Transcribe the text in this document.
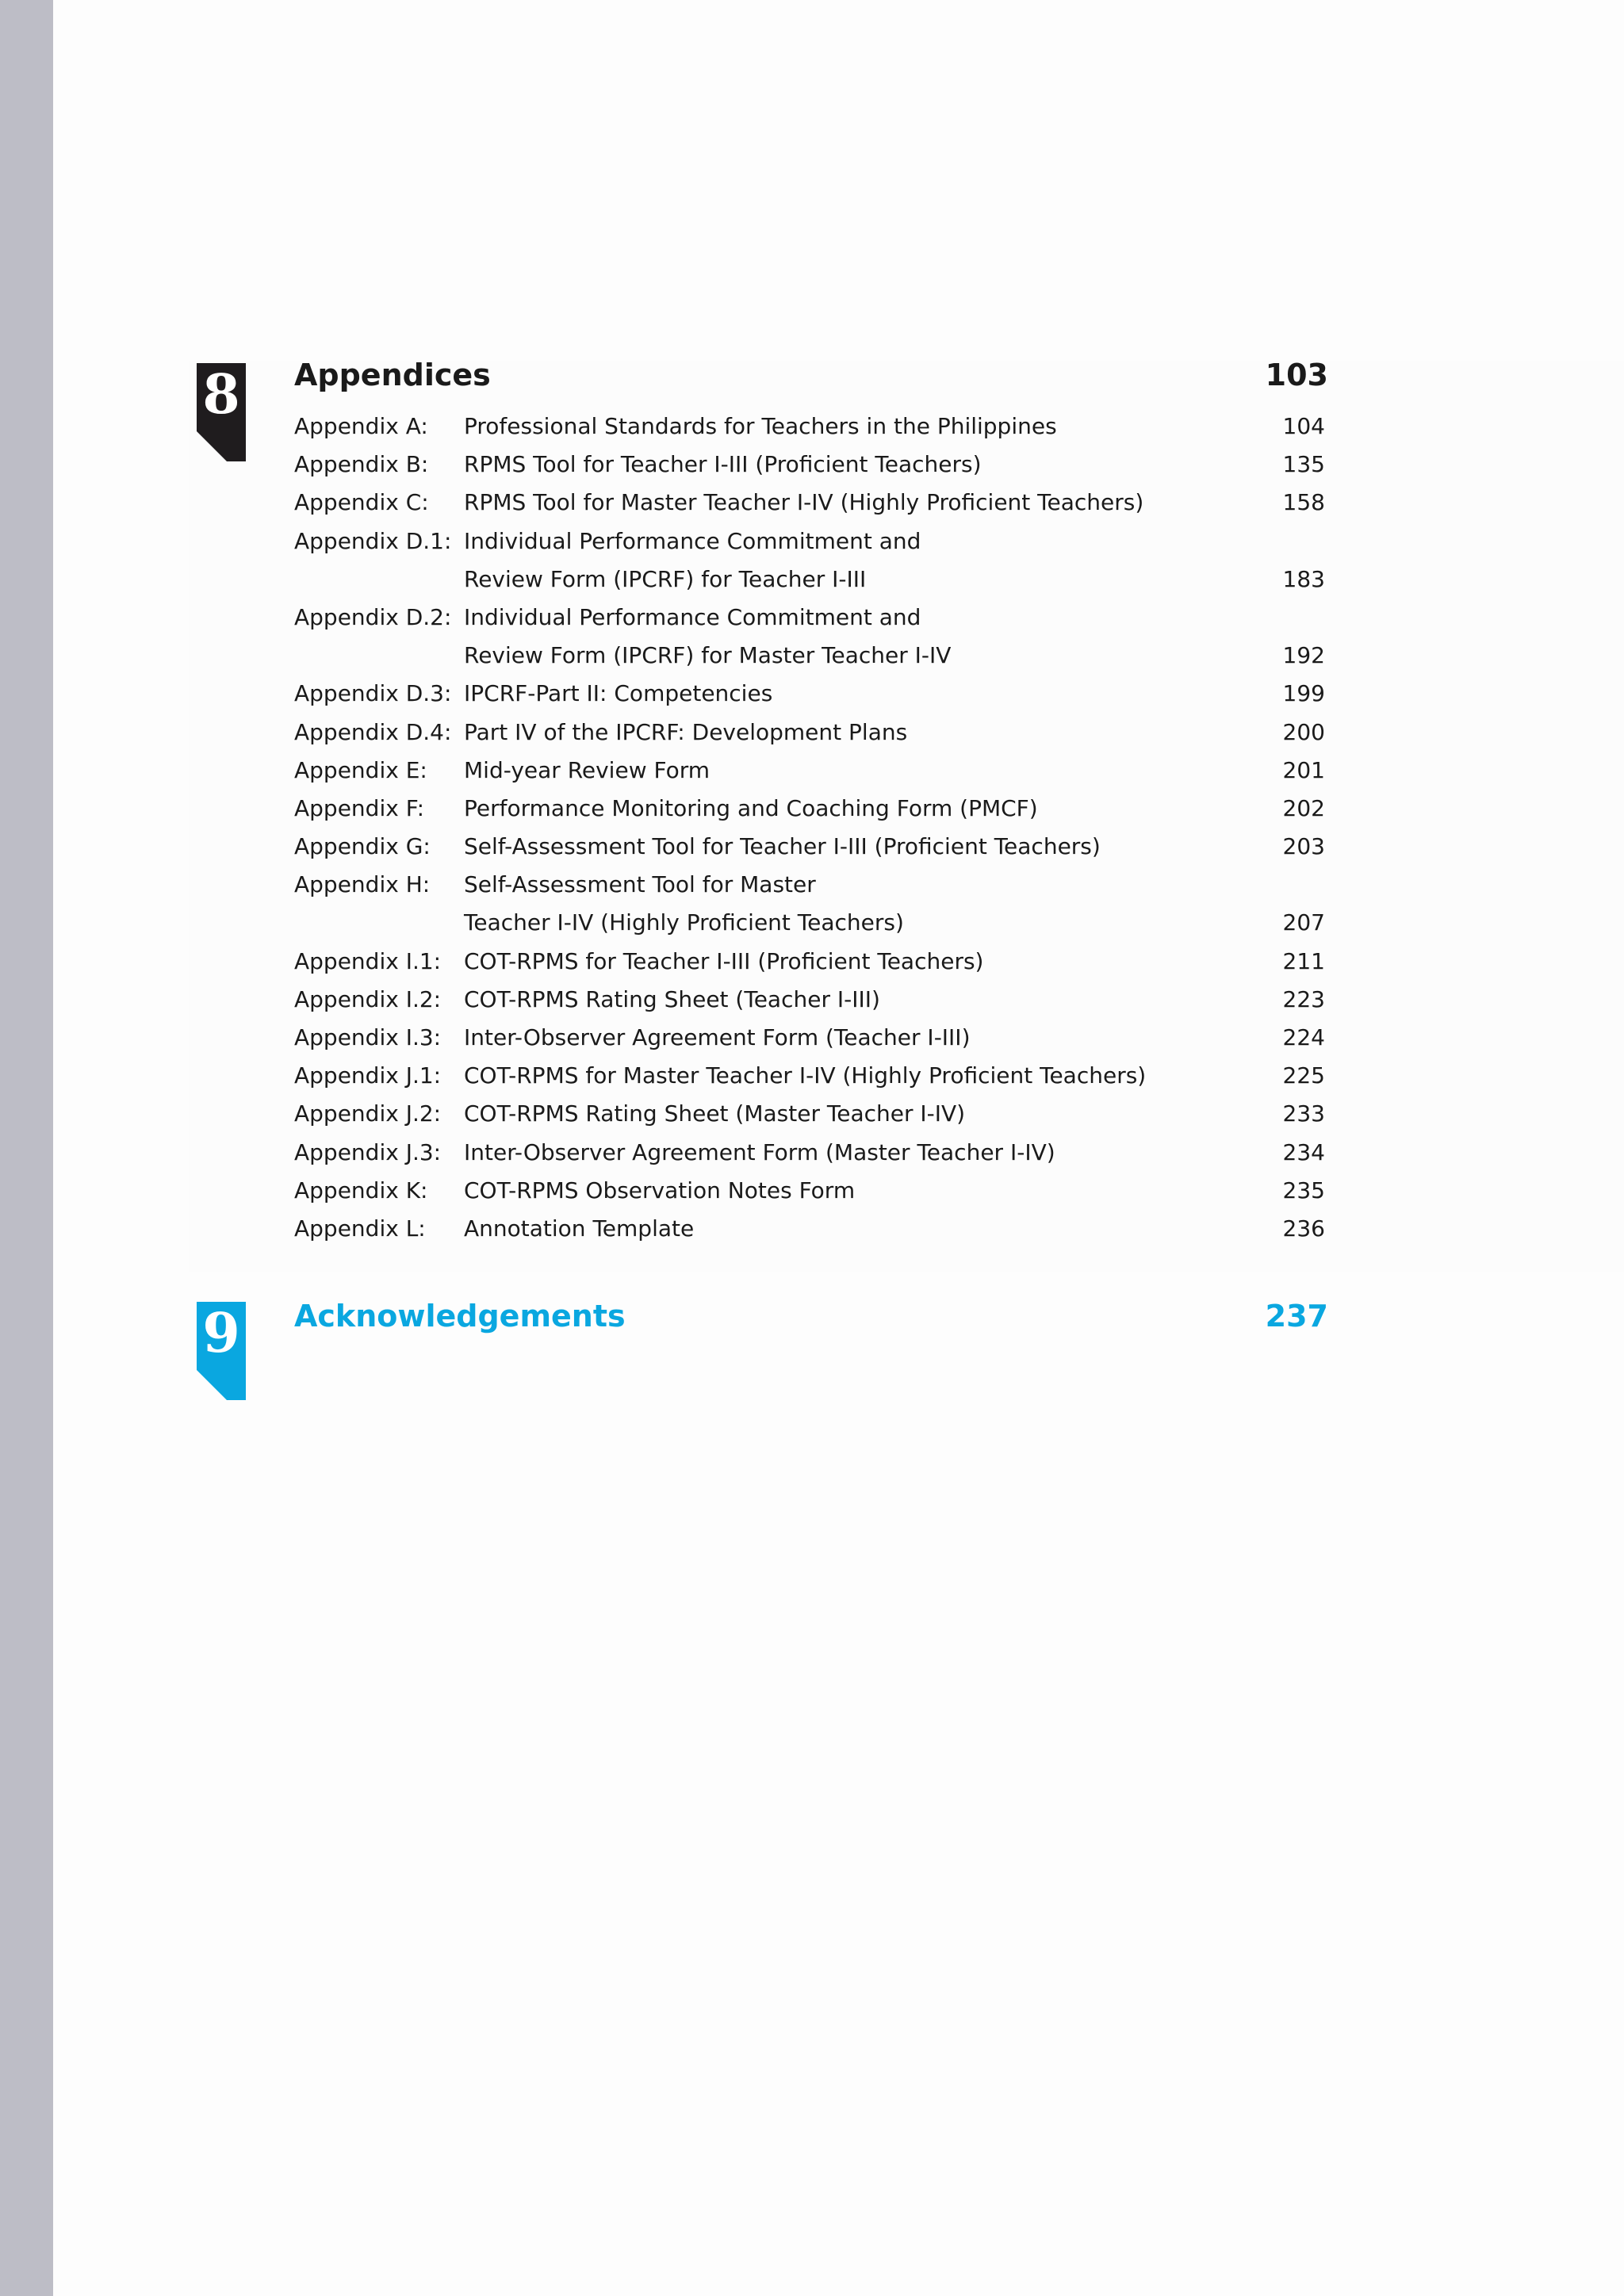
8 Appendices	103
Appendix A: Professional Standards for Teachers in the Philippines	104
Appendix B: RPMS Tool for Teacher I-III (Proficient Teachers)	135
Appendix C: RPMS Tool for Master Teacher I-IV (Highly Proficient Teachers)	158
Appendix D.1: Individual Performance Commitment and
Review Form (IPCRF) for Teacher I-III	183
Appendix D.2: Individual Performance Commitment and
Review Form (IPCRF) for Master Teacher I-IV	192
Appendix D.3: IPCRF-Part II: Competencies	199
Appendix D.4: Part IV of the IPCRF: Development Plans	200
Appendix E: Mid-year Review Form	201
Appendix F: Performance Monitoring and Coaching Form (PMCF)	202
Appendix G: Self-Assessment Tool for Teacher I-III (Proficient Teachers)	203
Appendix H: Self-Assessment Tool for Master
Teacher I-IV (Highly Proficient Teachers)	207
Appendix I.1: COT-RPMS for Teacher I-III (Proficient Teachers)	211
Appendix I.2: COT-RPMS Rating Sheet (Teacher I-III)	223
Appendix I.3: Inter-Observer Agreement Form (Teacher I-III)	224
Appendix J.1: COT-RPMS for Master Teacher I-IV (Highly Proficient Teachers)	225
Appendix J.2: COT-RPMS Rating Sheet (Master Teacher I-IV)	233
Appendix J.3: Inter-Observer Agreement Form (Master Teacher I-IV)	234
Appendix K: COT-RPMS Observation Notes Form	235
Appendix L: Annotation Template	236
9 Acknowledgements	237
